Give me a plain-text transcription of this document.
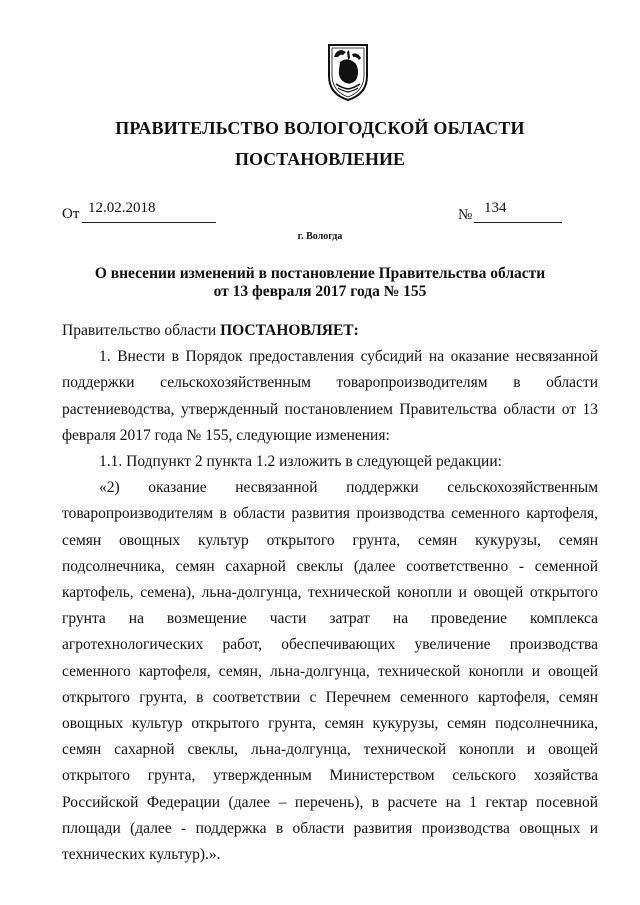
ПРАВИТЕЛЬСТВО ВОЛОГОДСКОЙ ОБЛАСТИ
ПОСТАНОВЛЕНИЕ
От 12.02.2018	№ 134
г. Вологда
О внесении изменений в постановление Правительства области
от 13 февраля 2017 года № 155

Правительство области ПОСТАНОВЛЯЕТ:

1. Внести в Порядок предоставления субсидий на оказание несвязанной поддержки сельскохозяйственным товаропроизводителям в области растениеводства, утвержденный постановлением Правительства области от 13 февраля 2017 года № 155, следующие изменения:

1.1. Подпункт 2 пункта 1.2 изложить в следующей редакции:

«2) оказание несвязанной поддержки сельскохозяйственным товаропроизводителям в области развития производства семенного картофеля, семян овощных культур открытого грунта, семян кукурузы, семян подсолнечника, семян сахарной свеклы (далее соответственно - семенной картофель, семена), льна-долгунца, технической конопли и овощей открытого грунта на возмещение части затрат на проведение комплекса агротехнологических работ, обеспечивающих увеличение производства семенного картофеля, семян, льна-долгунца, технической конопли и овощей открытого грунта, в соответствии с Перечнем семенного картофеля, семян овощных культур открытого грунта, семян кукурузы, семян подсолнечника, семян сахарной свеклы, льна-долгунца, технической конопли и овощей открытого грунта, утвержденным Министерством сельского хозяйства Российской Федерации (далее – перечень), в расчете на 1 гектар посевной площади (далее - поддержка в области развития производства овощных и технических культур).».
